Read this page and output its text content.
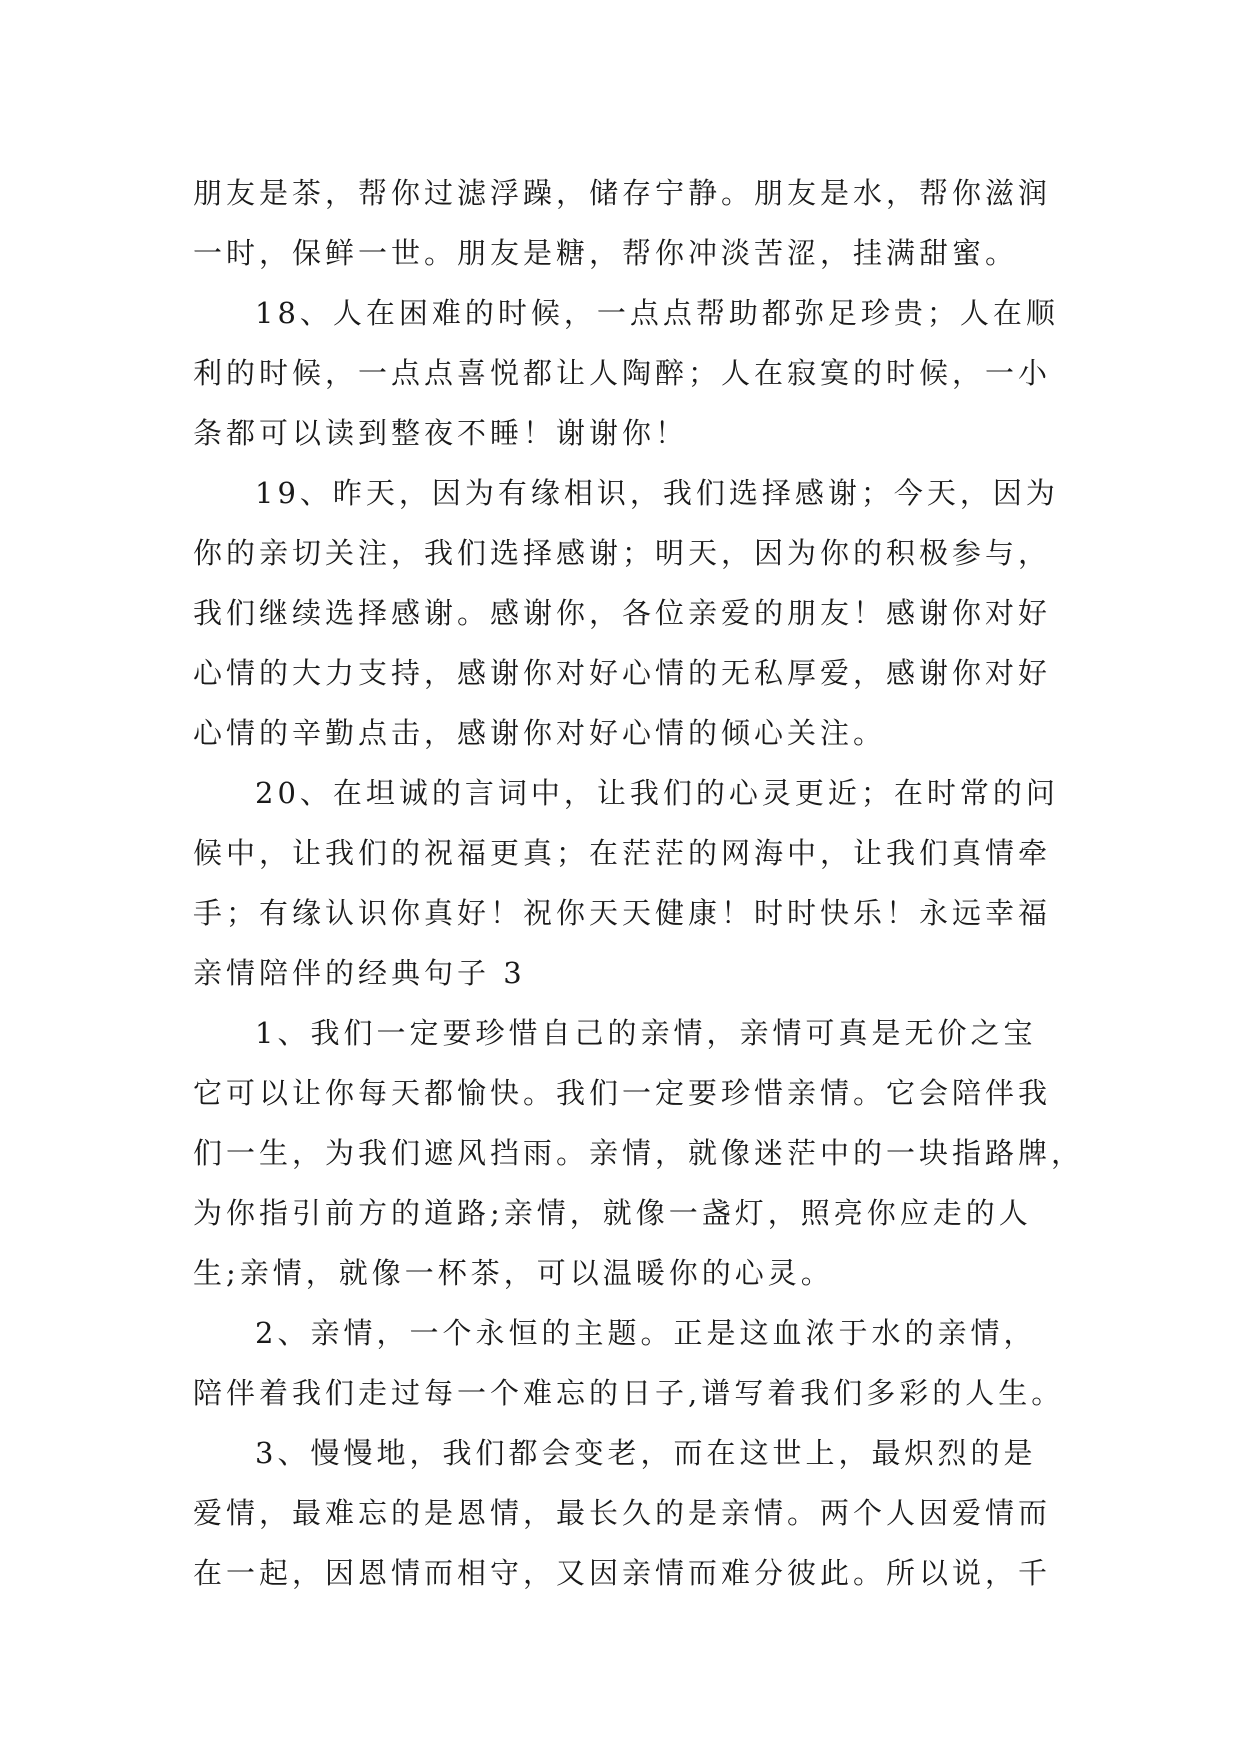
朋友是茶，帮你过滤浮躁，储存宁静。朋友是水，帮你滋润
一时，保鲜一世。朋友是糖，帮你冲淡苦涩，挂满甜蜜。
18、人在困难的时候，一点点帮助都弥足珍贵；人在顺
利的时候，一点点喜悦都让人陶醉；人在寂寞的时候，一小
条都可以读到整夜不睡！谢谢你！
19、昨天，因为有缘相识，我们选择感谢；今天，因为
你的亲切关注，我们选择感谢；明天，因为你的积极参与，
我们继续选择感谢。感谢你，各位亲爱的朋友！感谢你对好
心情的大力支持，感谢你对好心情的无私厚爱，感谢你对好
心情的辛勤点击，感谢你对好心情的倾心关注。
20、在坦诚的言词中，让我们的心灵更近；在时常的问
候中，让我们的祝福更真；在茫茫的网海中，让我们真情牵
手；有缘认识你真好！祝你天天健康！时时快乐！永远幸福
亲情陪伴的经典句子 3
1、我们一定要珍惜自己的亲情，亲情可真是无价之宝
它可以让你每天都愉快。我们一定要珍惜亲情。它会陪伴我
们一生，为我们遮风挡雨。亲情，就像迷茫中的一块指路牌，
为你指引前方的道路;亲情，就像一盏灯，照亮你应走的人
生;亲情，就像一杯茶，可以温暖你的心灵。
2、亲情，一个永恒的主题。正是这血浓于水的亲情，
陪伴着我们走过每一个难忘的日子,谱写着我们多彩的人生。
3、慢慢地，我们都会变老，而在这世上，最炽烈的是
爱情，最难忘的是恩情，最长久的是亲情。两个人因爱情而
在一起，因恩情而相守，又因亲情而难分彼此。所以说，千
